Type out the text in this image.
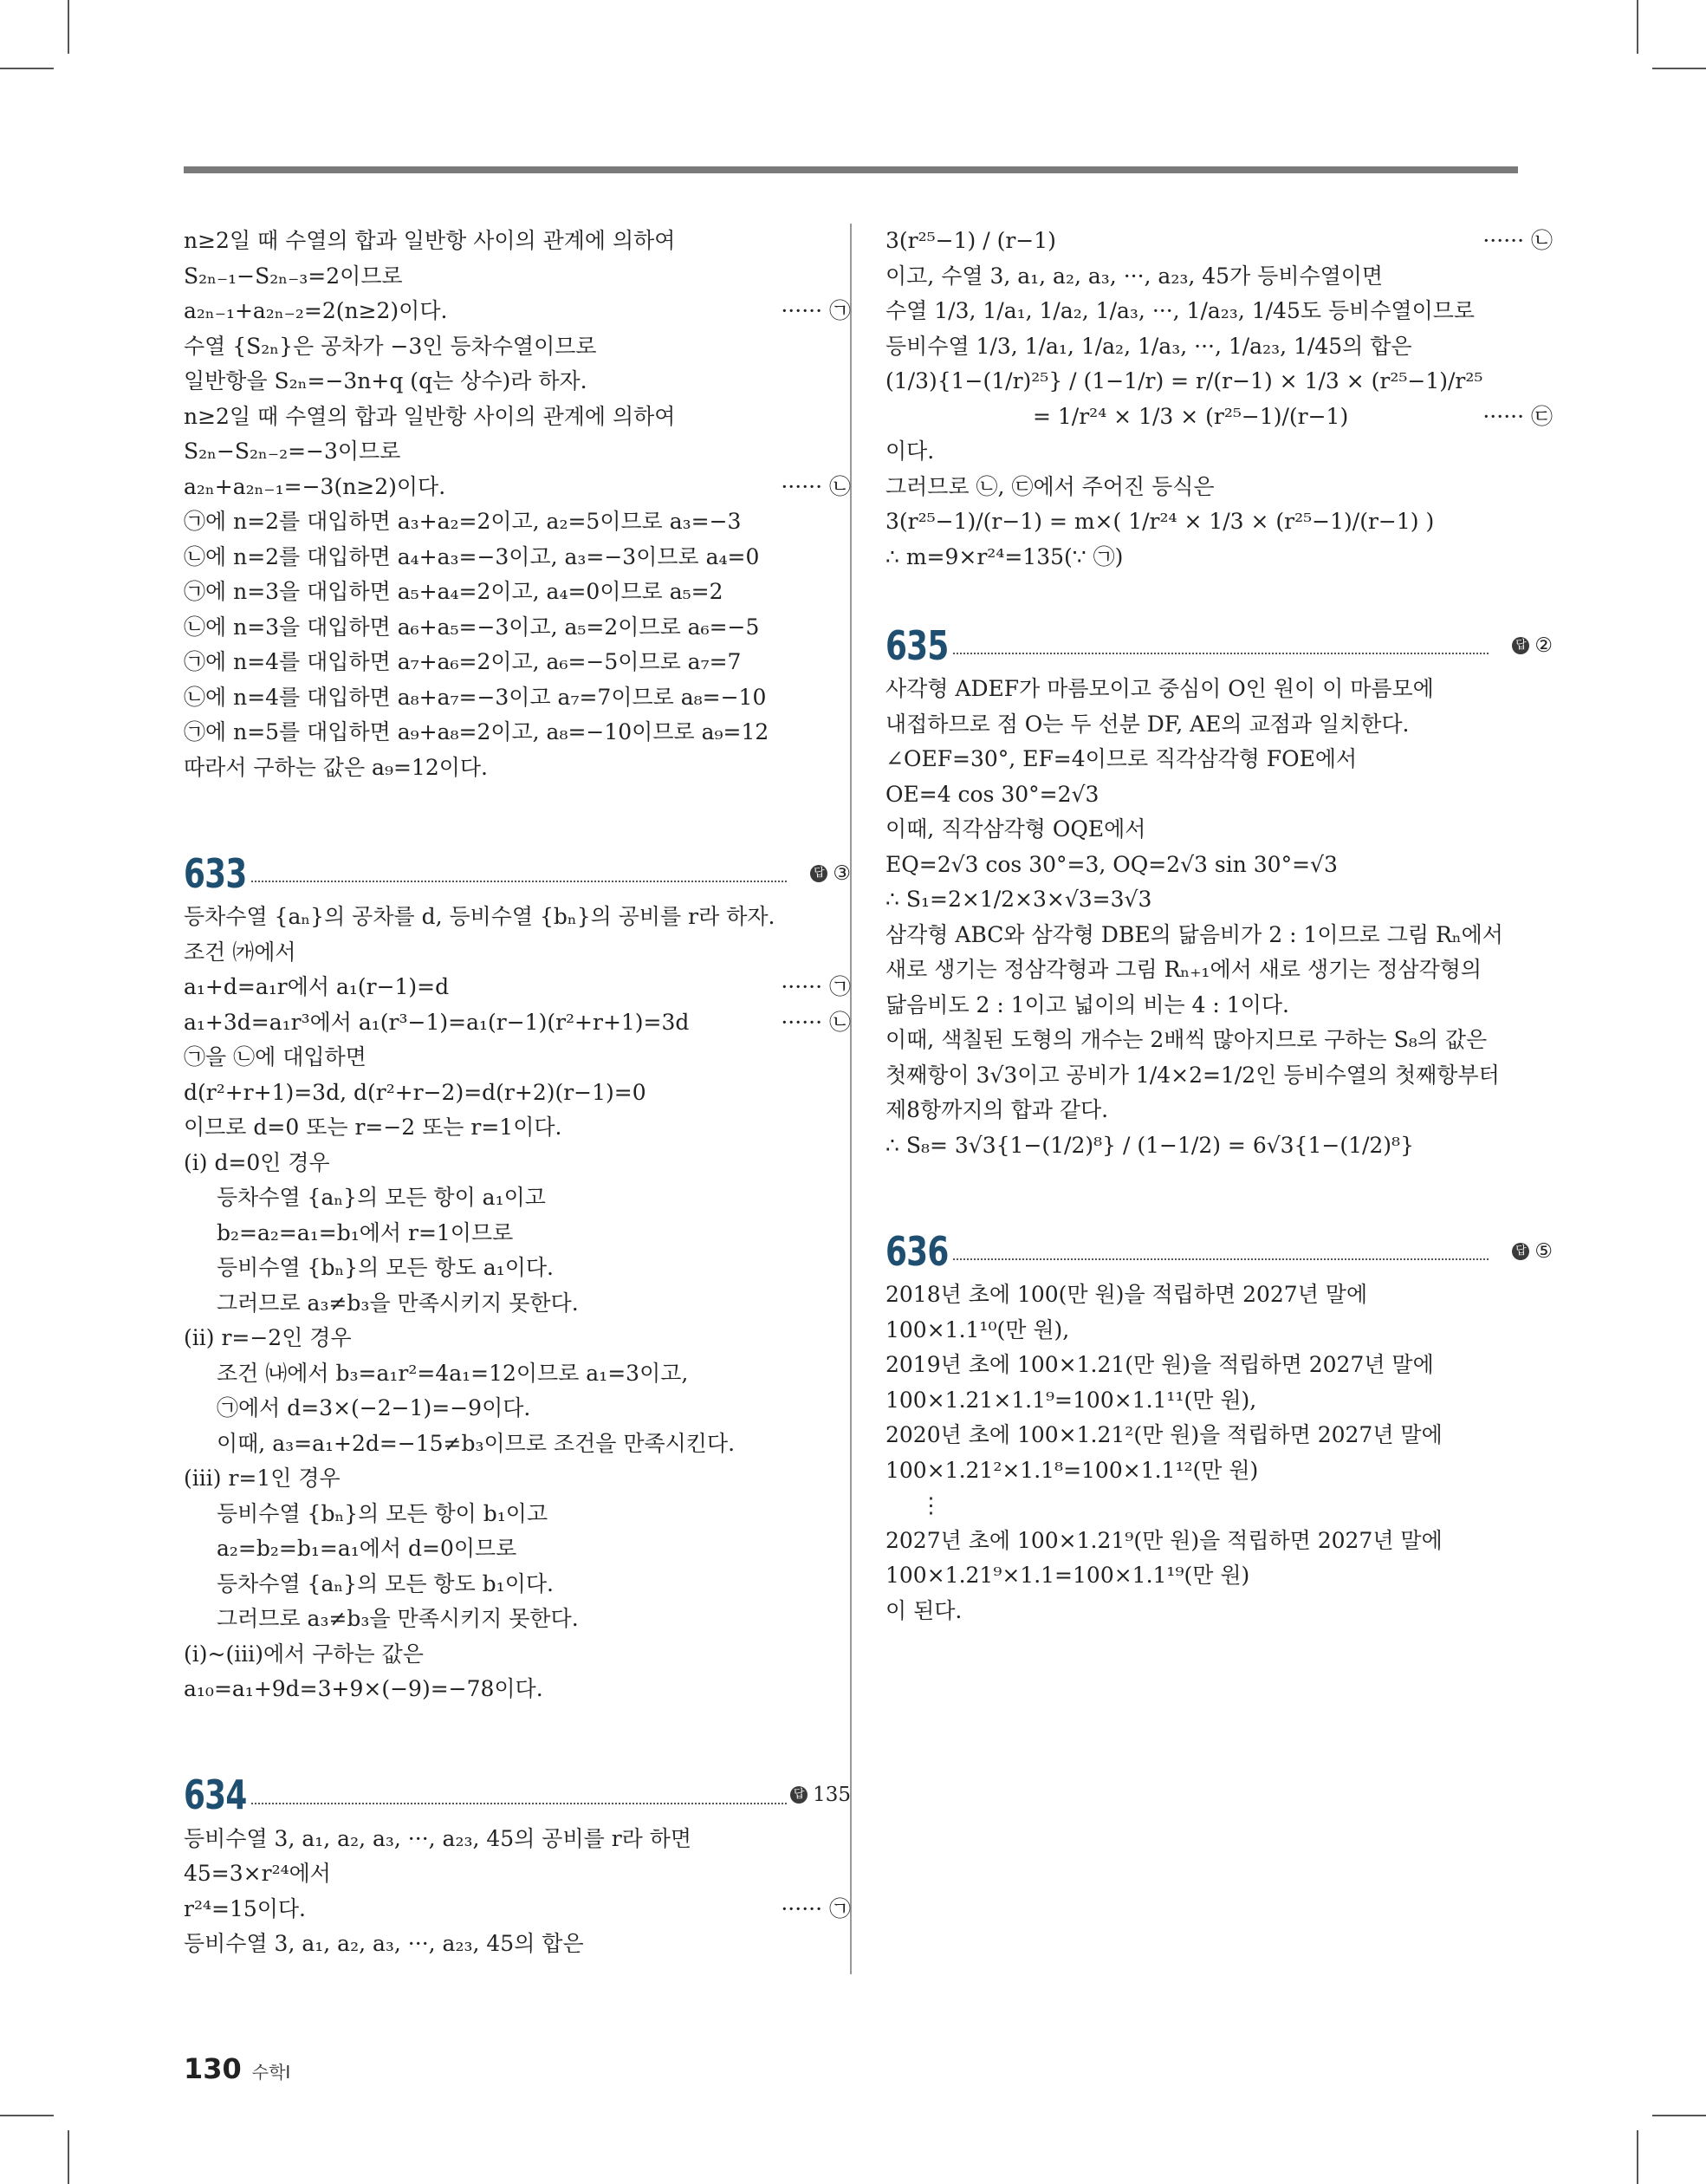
n≥2일 때 수열의 합과 일반항 사이의 관계에 의하여
S₂ₙ₋₁−S₂ₙ₋₃=2이므로
a₂ₙ₋₁+a₂ₙ₋₂=2(n≥2)이다.	······ ㉠
수열 {S₂ₙ}은 공차가 −3인 등차수열이므로
일반항을 S₂ₙ=−3n+q (q는 상수)라 하자.
n≥2일 때 수열의 합과 일반항 사이의 관계에 의하여
S₂ₙ−S₂ₙ₋₂=−3이므로
a₂ₙ+a₂ₙ₋₁=−3(n≥2)이다.	······ ㉡
㉠에 n=2를 대입하면 a₃+a₂=2이고, a₂=5이므로 a₃=−3
㉡에 n=2를 대입하면 a₄+a₃=−3이고, a₃=−3이므로 a₄=0
㉠에 n=3을 대입하면 a₅+a₄=2이고, a₄=0이므로 a₅=2
㉡에 n=3을 대입하면 a₆+a₅=−3이고, a₅=2이므로 a₆=−5
㉠에 n=4를 대입하면 a₇+a₆=2이고, a₆=−5이므로 a₇=7
㉡에 n=4를 대입하면 a₈+a₇=−3이고 a₇=7이므로 a₈=−10
㉠에 n=5를 대입하면 a₉+a₈=2이고, a₈=−10이므로 a₉=12
따라서 구하는 값은 a₉=12이다.
633	답 ③
등차수열 {aₙ}의 공차를 d, 등비수열 {bₙ}의 공비를 r라 하자.
조건 ㈎에서
a₁+d=a₁r에서 a₁(r−1)=d	······ ㉠
a₁+3d=a₁r³에서 a₁(r³−1)=a₁(r−1)(r²+r+1)=3d	······ ㉡
㉠을 ㉡에 대입하면
d(r²+r+1)=3d, d(r²+r−2)=d(r+2)(r−1)=0
이므로 d=0 또는 r=−2 또는 r=1이다.
(ⅰ) d=0인 경우
등차수열 {aₙ}의 모든 항이 a₁이고
b₂=a₂=a₁=b₁에서 r=1이므로
등비수열 {bₙ}의 모든 항도 a₁이다.
그러므로 a₃≠b₃을 만족시키지 못한다.
(ⅱ) r=−2인 경우
조건 ㈏에서 b₃=a₁r²=4a₁=12이므로 a₁=3이고,
㉠에서 d=3×(−2−1)=−9이다.
이때, a₃=a₁+2d=−15≠b₃이므로 조건을 만족시킨다.
(ⅲ) r=1인 경우
등비수열 {bₙ}의 모든 항이 b₁이고
a₂=b₂=b₁=a₁에서 d=0이므로
등차수열 {aₙ}의 모든 항도 b₁이다.
그러므로 a₃≠b₃을 만족시키지 못한다.
(ⅰ)~(ⅲ)에서 구하는 값은
a₁₀=a₁+9d=3+9×(−9)=−78이다.
634	답 135
등비수열 3, a₁, a₂, a₃, ···, a₂₃, 45의 공비를 r라 하면
45=3×r²⁴에서
r²⁴=15이다.	······ ㉠
등비수열 3, a₁, a₂, a₃, ···, a₂₃, 45의 합은
3(r²⁵−1) / (r−1)	······ ㉡
이고, 수열 3, a₁, a₂, a₃, ···, a₂₃, 45가 등비수열이면
수열 1/3, 1/a₁, 1/a₂, 1/a₃, ···, 1/a₂₃, 1/45도 등비수열이므로
등비수열 1/3, 1/a₁, 1/a₂, 1/a₃, ···, 1/a₂₃, 1/45의 합은
(1/3){1−(1/r)²⁵} / (1−1/r) = r/(r−1) × 1/3 × (r²⁵−1)/r²⁵
= 1/r²⁴ × 1/3 × (r²⁵−1)/(r−1)	······ ㉢
이다.
그러므로 ㉡, ㉢에서 주어진 등식은
3(r²⁵−1)/(r−1) = m×( 1/r²⁴ × 1/3 × (r²⁵−1)/(r−1) )
∴ m=9×r²⁴=135(∵ ㉠)
635	답 ②
사각형 ADEF가 마름모이고 중심이 O인 원이 이 마름모에
내접하므로 점 O는 두 선분 DF, AE의 교점과 일치한다.
∠OEF=30°, EF=4이므로 직각삼각형 FOE에서
OE=4 cos 30°=2√3
이때, 직각삼각형 OQE에서
EQ=2√3 cos 30°=3, OQ=2√3 sin 30°=√3
∴ S₁=2×1/2×3×√3=3√3
삼각형 ABC와 삼각형 DBE의 닮음비가 2 : 1이므로 그림 Rₙ에서
새로 생기는 정삼각형과 그림 Rₙ₊₁에서 새로 생기는 정삼각형의
닮음비도 2 : 1이고 넓이의 비는 4 : 1이다.
이때, 색칠된 도형의 개수는 2배씩 많아지므로 구하는 S₈의 값은
첫째항이 3√3이고 공비가 1/4×2=1/2인 등비수열의 첫째항부터
제8항까지의 합과 같다.
∴ S₈= 3√3{1−(1/2)⁸} / (1−1/2) = 6√3{1−(1/2)⁸}
636	답 ⑤
2018년 초에 100(만 원)을 적립하면 2027년 말에
100×1.1¹⁰(만 원),
2019년 초에 100×1.21(만 원)을 적립하면 2027년 말에
100×1.21×1.1⁹=100×1.1¹¹(만 원),
2020년 초에 100×1.21²(만 원)을 적립하면 2027년 말에
100×1.21²×1.1⁸=100×1.1¹²(만 원)
⋮
2027년 초에 100×1.21⁹(만 원)을 적립하면 2027년 말에
100×1.21⁹×1.1=100×1.1¹⁹(만 원)
이 된다.
130 수학Ⅰ
